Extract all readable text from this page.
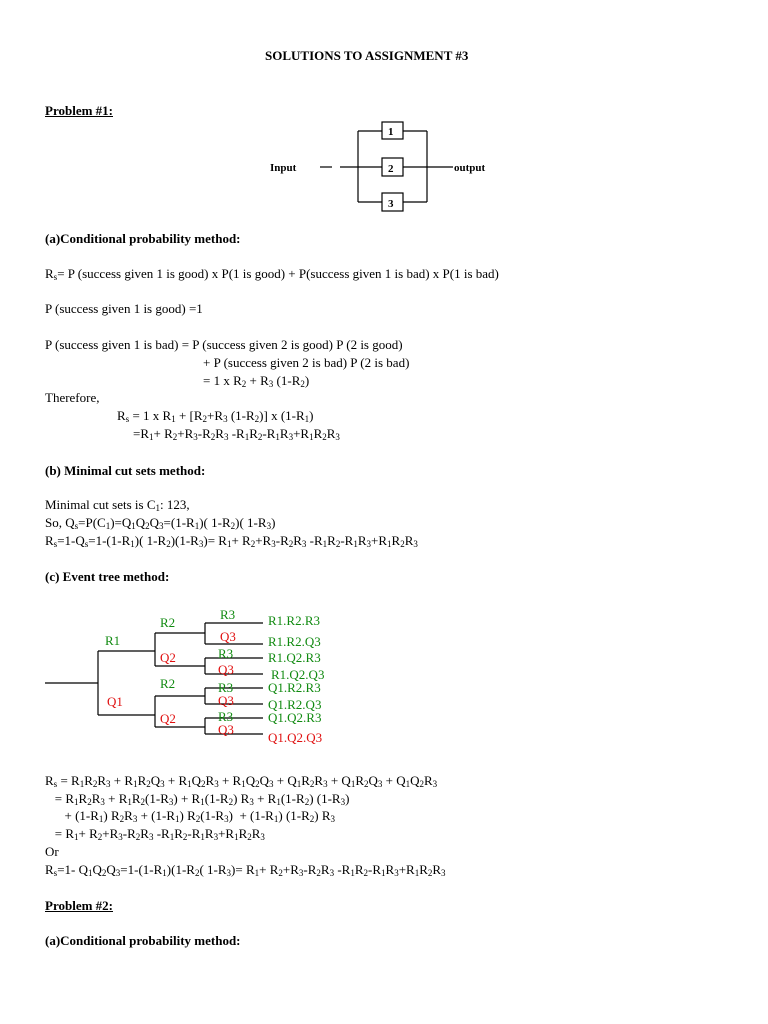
SOLUTIONS TO ASSIGNMENT #3
Problem #1:
Input	output
1
2
3
(a)Conditional probability method:
$R_s= P$ (success given 1 is good) x P(1 is good) + P(success given 1 is bad) x P(1 is bad)
P (success given 1 is good) =1
P (success given 1 is bad) = P (success given 2 is good) P (2 is good)
+ P (success given 2 is bad) P (2 is bad)
= 1 x $R_2 + R_3$ $(1-R_2)$
Therefore,
$R_s = 1$ x $R_1 + [R_2+R_3$ $(1-R_2)$] x $(1-R_1)$
$=R_1+ R_2+R_3-R_2R_3$ $-R_1R_2-R_1R_3+R_1R_2R_3$
(b) Minimal cut sets method:
Minimal cut sets is $C_1$: 123,
So, $Q_s=P(C_1)=Q_1Q_2Q_3=(1-R_1)$( $1-R_2$)( $1-R_3$)
$R_s=1-Q_s=1-(1-R_1)$( $1-R_2)(1-R_3)= R_1+ R_2+R_3-R_2R_3$ $-R_1R_2-R_1R_3+R_1R_2R_3$
(c) Event tree method:
R1
Q1
R2
Q2
R2
Q2
R3
Q3
R3
Q3
R3
Q3
R3
Q3
R1.R2.R3
R1.R2.Q3
R1.Q2.R3
R1.Q2.Q3
Q1.R2.R3
Q1.R2.Q3
Q1.Q2.R3
Q1.Q2.Q3
$R_s = R_1R_2R_3 + R_1R_2Q_3 + R_1Q_2R_3 + R_1Q_2Q_3 + Q_1R_2R_3 + Q_1R_2Q_3 + Q_1Q_2R_3$
= $R_1R_2R_3 + R_1R_2(1-R_3) + R_1(1-R_2) R_3 + R_1(1-R_2)$ $(1-R_3)$
+ $(1-R_1) R_2R_3 + (1-R_1) R_2(1-R_3) + (1-R_1)$ $(1-R_2)$ $R_3$
= $R_1+ R_2+R_3-R_2R_3$ $-R_1R_2-R_1R_3+R_1R_2R_3$
Or
$R_s=1-$ $Q_1Q_2Q_3=1-(1-R_1)(1-R_2$( $1-R_3)= R_1+ R_2+R_3-R_2R_3$ $-R_1R_2-R_1R_3+R_1R_2R_3$
Problem #2:
(a)Conditional probability method:
